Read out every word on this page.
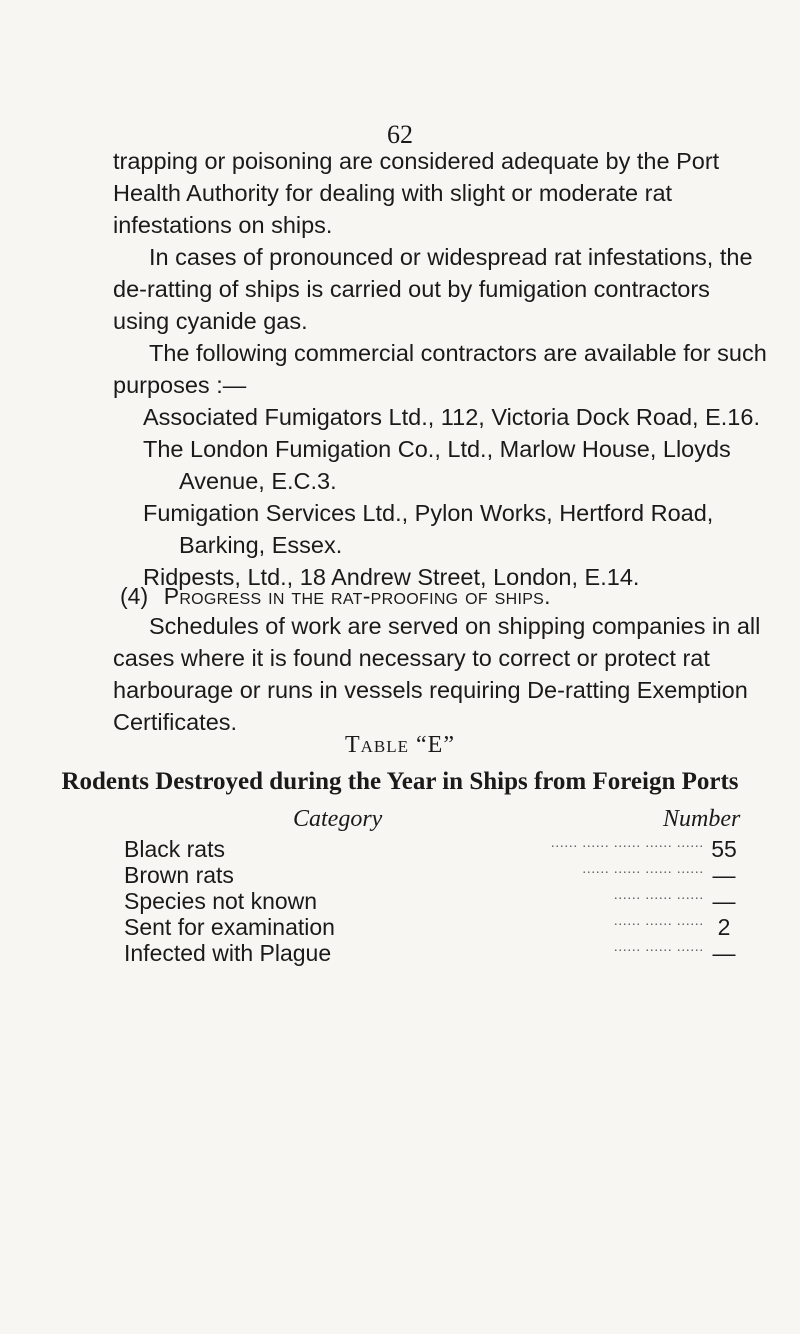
62

trapping or poisoning are considered adequate by the Port Health Authority for dealing with slight or moderate rat infestations on ships.

In cases of pronounced or widespread rat infestations, the de-ratting of ships is carried out by fumigation contractors using cyanide gas.

The following commercial contractors are available for such purposes :—

Associated Fumigators Ltd., 112, Victoria Dock Road, E.16.

The London Fumigation Co., Ltd., Marlow House, Lloyds Avenue, E.C.3.

Fumigation Services Ltd., Pylon Works, Hertford Road, Barking, Essex.

Ridpests, Ltd., 18 Andrew Street, London, E.14.

(4) Progress in the rat-proofing of ships.

Schedules of work are served on shipping companies in all cases where it is found necessary to correct or protect rat harbourage or runs in vessels requiring De-ratting Exemption Certificates.

Table “E”
Rodents Destroyed during the Year in Ships from Foreign Ports
Category	Number
...... ...... ...... ...... ......
Black rats	55
...... ...... ...... ......
Brown rats	—
...... ...... ......
Species not known	—
...... ...... ......
Sent for examination	2
...... ...... ......
Infected with Plague	—
